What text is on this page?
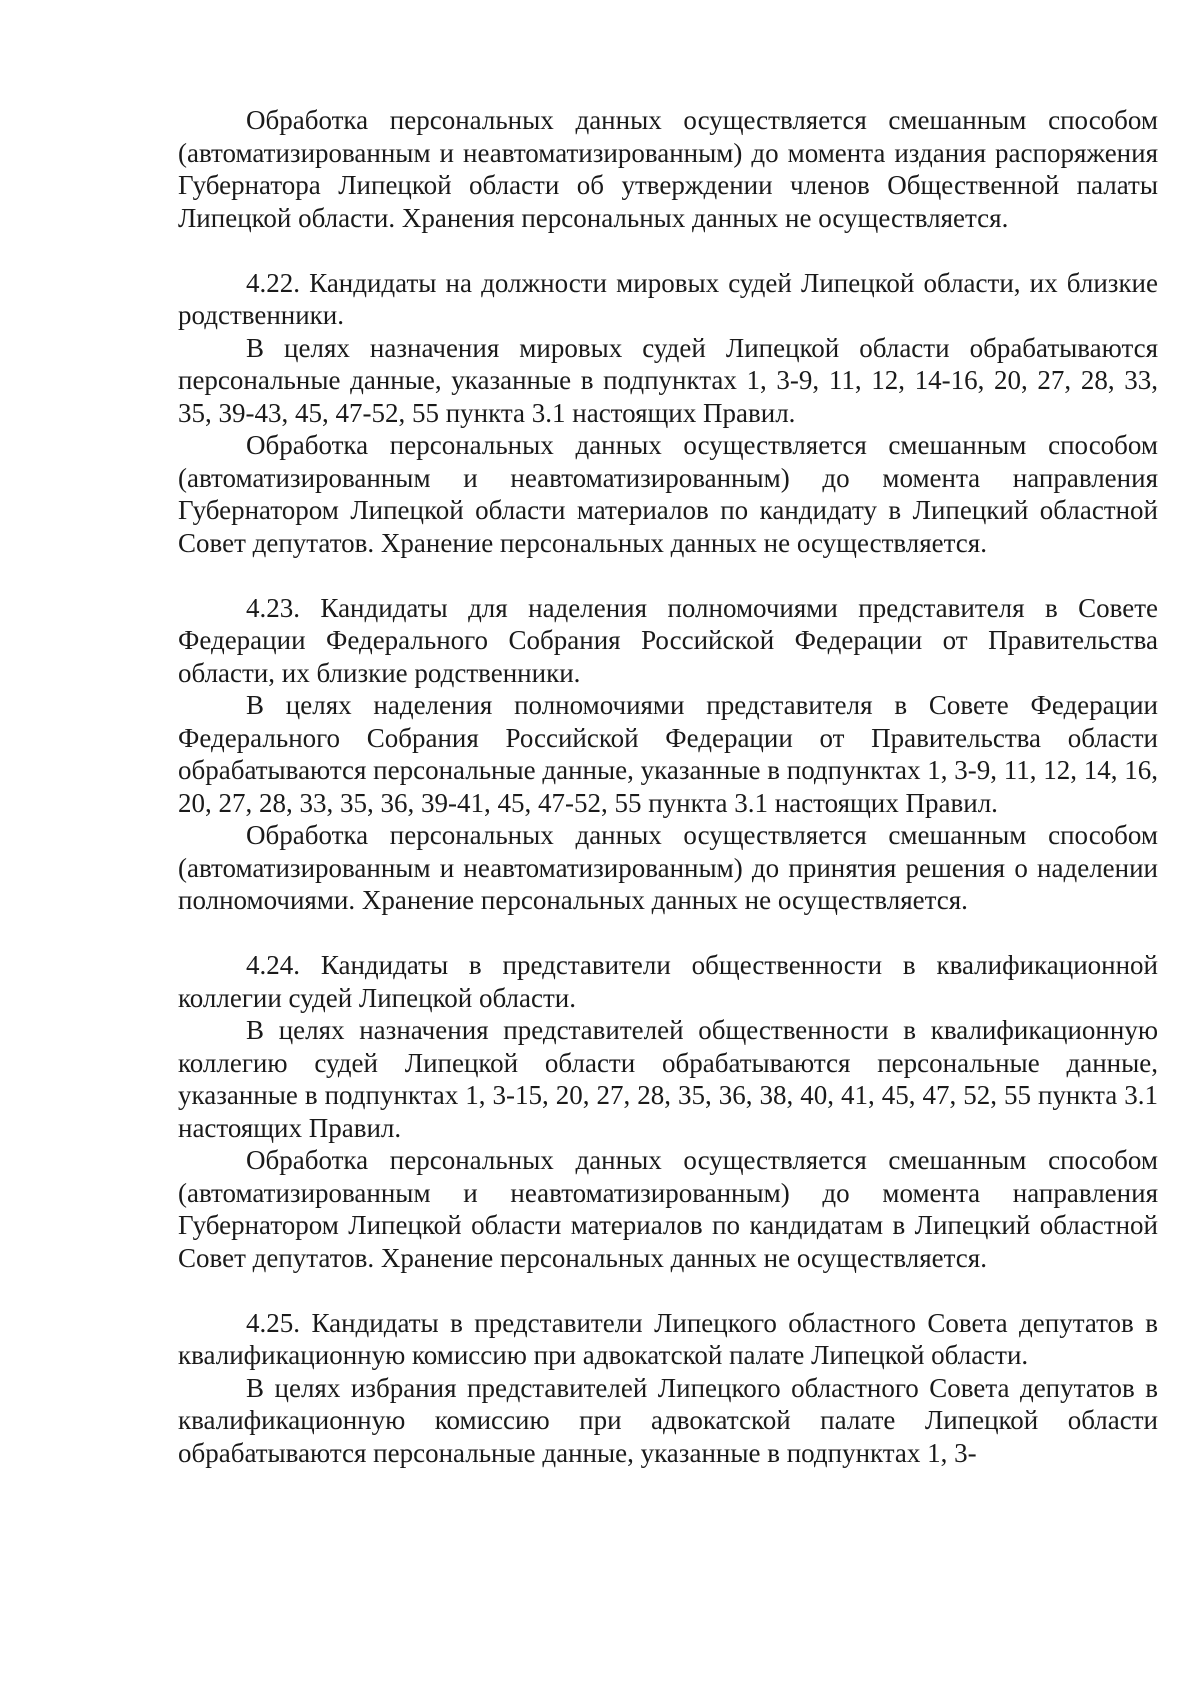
Обработка персональных данных осуществляется смешанным способом (автоматизированным и неавтоматизированным) до момента издания распоряжения Губернатора Липецкой области об утверждении членов Общественной палаты Липецкой области. Хранения персональных данных не осуществляется.

4.22. Кандидаты на должности мировых судей Липецкой области, их близкие родственники.

В целях назначения мировых судей Липецкой области обрабатываются персональные данные, указанные в подпунктах 1, 3-9, 11, 12, 14-16, 20, 27, 28, 33, 35, 39-43, 45, 47-52, 55 пункта 3.1 настоящих Правил.

Обработка персональных данных осуществляется смешанным способом (автоматизированным и неавтоматизированным) до момента направления Губернатором Липецкой области материалов по кандидату в Липецкий областной Совет депутатов. Хранение персональных данных не осуществляется.

4.23. Кандидаты для наделения полномочиями представителя в Совете Федерации Федерального Собрания Российской Федерации от Правительства области, их близкие родственники.

В целях наделения полномочиями представителя в Совете Федерации Федерального Собрания Российской Федерации от Правительства области обрабатываются персональные данные, указанные в подпунктах 1, 3-9, 11, 12, 14, 16, 20, 27, 28, 33, 35, 36, 39-41, 45, 47-52, 55 пункта 3.1 настоящих Правил.

Обработка персональных данных осуществляется смешанным способом (автоматизированным и неавтоматизированным) до принятия решения о наделении полномочиями. Хранение персональных данных не осуществляется.

4.24. Кандидаты в представители общественности в квалификационной коллегии судей Липецкой области.

В целях назначения представителей общественности в квалификационную коллегию судей Липецкой области обрабатываются персональные данные, указанные в подпунктах 1, 3-15, 20, 27, 28, 35, 36, 38, 40, 41, 45, 47, 52, 55 пункта 3.1 настоящих Правил.

Обработка персональных данных осуществляется смешанным способом (автоматизированным и неавтоматизированным) до момента направления Губернатором Липецкой области материалов по кандидатам в Липецкий областной Совет депутатов. Хранение персональных данных не осуществляется.

4.25. Кандидаты в представители Липецкого областного Совета депутатов в квалификационную комиссию при адвокатской палате Липецкой области.

В целях избрания представителей Липецкого областного Совета депутатов в квалификационную комиссию при адвокатской палате Липецкой области обрабатываются персональные данные, указанные в подпунктах 1, 3-
